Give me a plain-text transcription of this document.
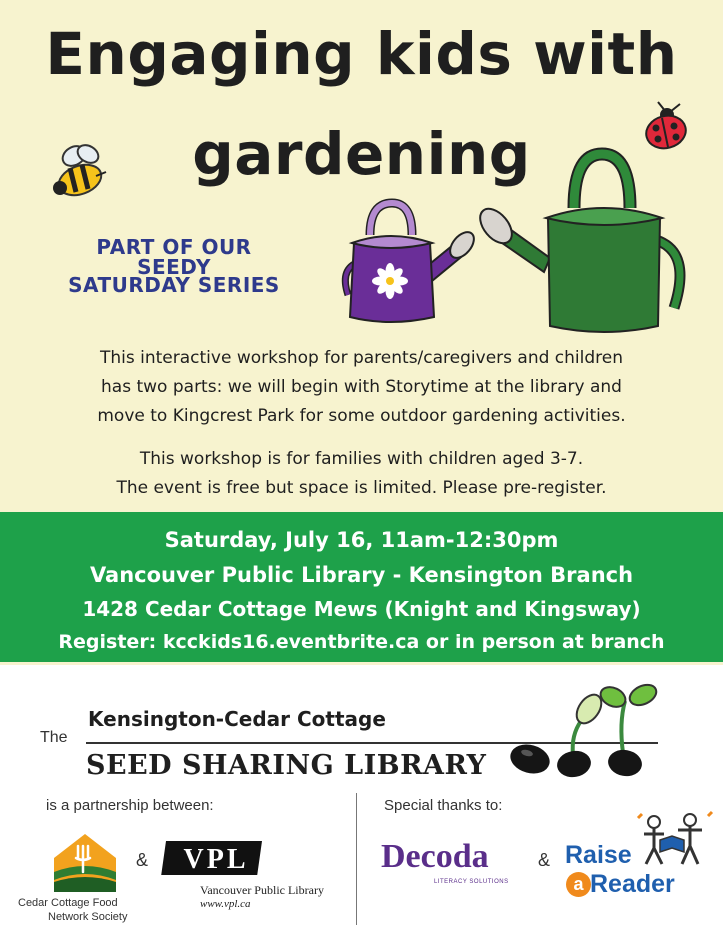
Engaging kids with
gardening
PART OF OUR SEEDY
SATURDAY SERIES
This interactive workshop for parents/caregivers and children
has two parts: we will begin with Storytime at the library and
move to Kingcrest Park for some outdoor gardening activities.
This workshop is for families with children aged 3-7.
The event is free but space is limited. Please pre-register.
Saturday, July 16, 11am-12:30pm
Vancouver Public Library - Kensington Branch
1428 Cedar Cottage Mews (Knight and Kingsway)
Register: kcckids16.eventbrite.ca or in person at branch
The
Kensington-Cedar Cottage
SEED SHARING LIBRARY
is a partnership between:	Special thanks to:
Cedar Cottage Food
Network Society
& VPL
Vancouver Public Library
www.vpl.ca
Decoda
LITERACY SOLUTIONS
& Raise
a Reader
